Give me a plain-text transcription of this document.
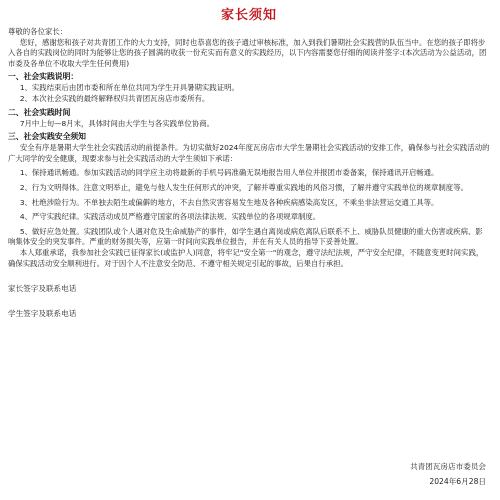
家长须知

尊敬的各位家长：

您好，感谢您和孩子对共青团工作的大力支持，同时也恭喜您的孩子通过审核标准，加入到我们暑期社会实践营的队伍当中。在您的孩子即将步入各自的实践岗位的同时为能够让您的孩子圆满的收获一份充实而有意义的实践经历，以下内容需要您仔细的阅读并签字:(本次活动为公益活动，团市委及各单位不收取大学生任何费用)

一、社会实践说明：

1、实践结束后由团市委和所在单位共同为学生开具暑期实践证明。

2、本次社会实践的最终解释权归共青团瓦房店市委所有。

二、社会实践时间

7月中上旬—8月末，具体时间由大学生与各实践单位协商。

三、社会实践安全须知

安全有序是暑期大学生社会实践活动的前提条件。为切实做好2024年度瓦房店市大学生暑期社会实践活动的安排工作，确保参与社会实践活动的广大同学的安全健康，现要求参与社会实践活动的大学生须如下承诺：

1、保持通讯畅通。参加实践活动的同学应主动将最新的手机号码准确无误地报告用人单位并报团市委备案，保持通讯开启畅通。

2、行为文明得体。注意文明举止，避免与他人发生任何形式的冲突，了解并尊重实践地的风俗习惯，了解并遵守实践单位的规章制度等。

3、杜绝涉险行为。不单独去陌生或偏僻的地方，不去自然灾害容易发生地及各种疾病感染高发区，不乘坐非法营运交通工具等。

4、严守实践纪律。实践活动成员严格遵守国家的各项法律法规、实践单位的各项规章制度。

5、做好应急处置。实践团队或个人遇对危及生命威胁产的事件，如学生遇自离岗或病危离队后联系不上、威胁队员健康的重大伤害或疾病、影响集体安全的突发事件。严重的财务损失等，应第一时间向实践单位报告，并在有关人员的指导下妥善处置。

本人郑重承诺，我参加社会实践已征得家长(或监护人)同意，将牢记"安全第一"的观念，遵守法纪法规，严守安全纪律，不随意变更时间实践，确保实践活动安全顺利进行。对于因个人不注意安全防范、不遵守相关规定引起的事故，后果自行承担。

家长签字及联系电话

学生签字及联系电话

共青团瓦房店市委员会
2024年6月28日
